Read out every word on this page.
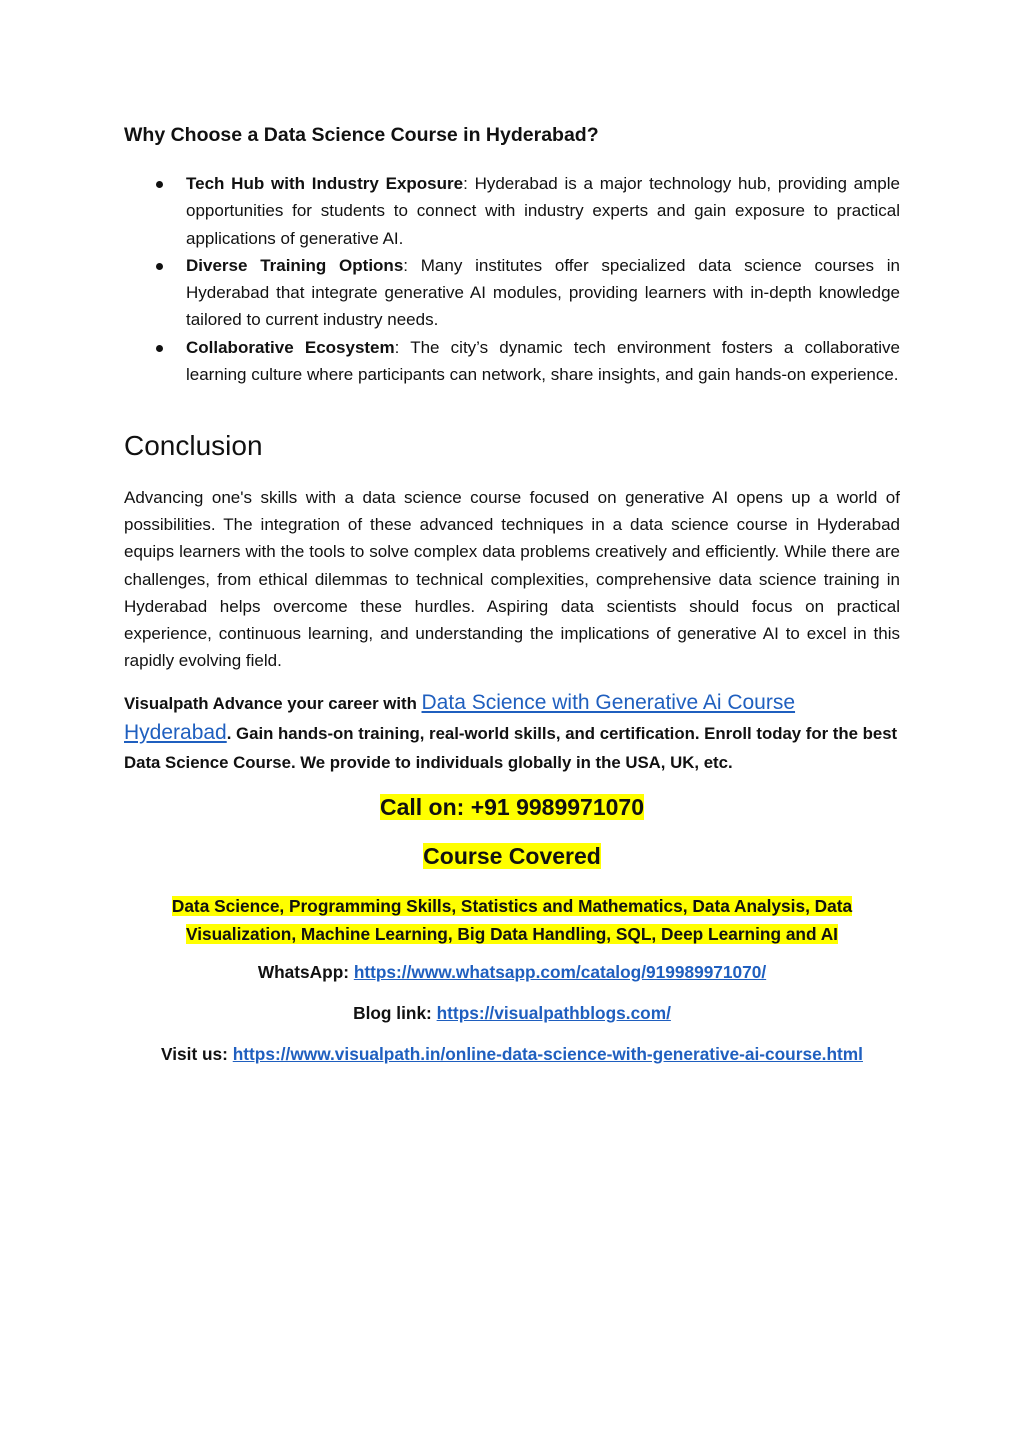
Why Choose a Data Science Course in Hyderabad?
Tech Hub with Industry Exposure: Hyderabad is a major technology hub, providing ample opportunities for students to connect with industry experts and gain exposure to practical applications of generative AI.
Diverse Training Options: Many institutes offer specialized data science courses in Hyderabad that integrate generative AI modules, providing learners with in-depth knowledge tailored to current industry needs.
Collaborative Ecosystem: The city’s dynamic tech environment fosters a collaborative learning culture where participants can network, share insights, and gain hands-on experience.
Conclusion

Advancing one's skills with a data science course focused on generative AI opens up a world of possibilities. The integration of these advanced techniques in a data science course in Hyderabad equips learners with the tools to solve complex data problems creatively and efficiently. While there are challenges, from ethical dilemmas to technical complexities, comprehensive data science training in Hyderabad helps overcome these hurdles. Aspiring data scientists should focus on practical experience, continuous learning, and understanding the implications of generative AI to excel in this rapidly evolving field.

Visualpath Advance your career with Data Science with Generative Ai Course Hyderabad. Gain hands-on training, real-world skills, and certification. Enroll today for the best Data Science Course. We provide to individuals globally in the USA, UK, etc.

Call on: +91 9989971070

Course Covered

Data Science, Programming Skills, Statistics and Mathematics, Data Analysis, Data
Visualization, Machine Learning, Big Data Handling, SQL, Deep Learning and AI

WhatsApp: https://www.whatsapp.com/catalog/919989971070/

Blog link: https://visualpathblogs.com/

Visit us: https://www.visualpath.in/online-data-science-with-generative-ai-course.html
